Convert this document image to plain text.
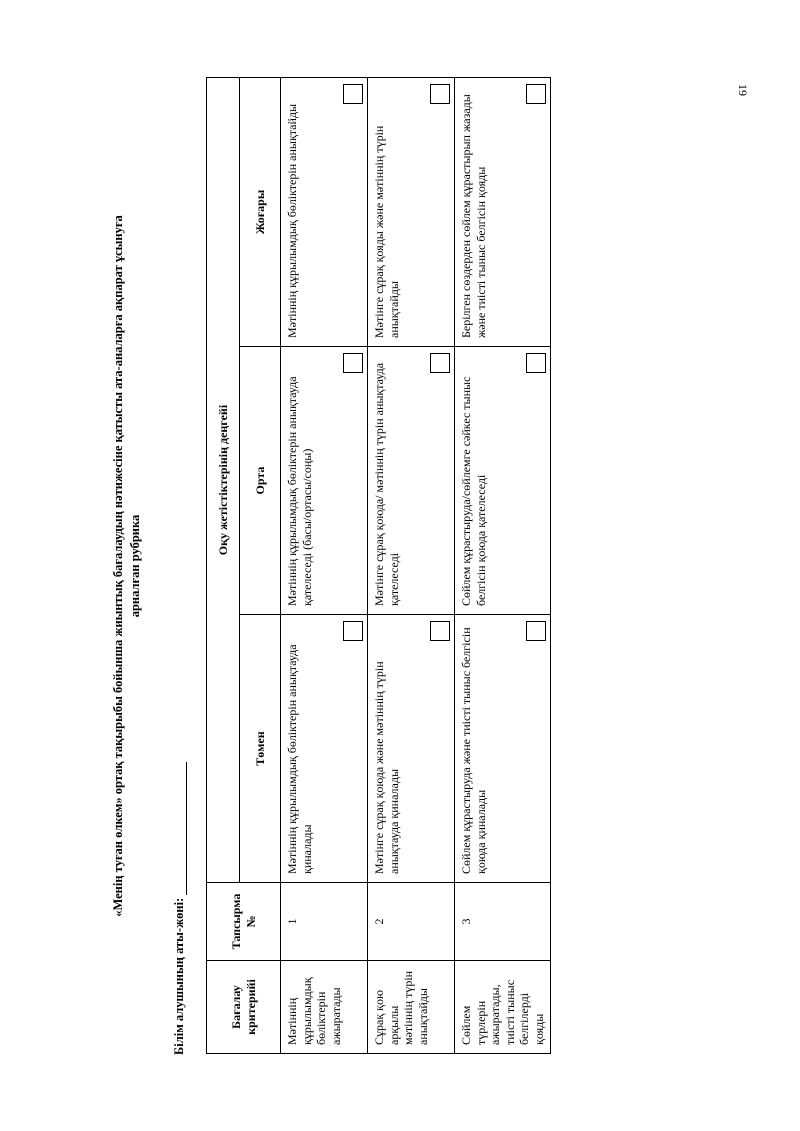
19
«Менің туған өлкем» ортақ тақырыбы бойынша жиынтық бағалаудың нәтижесіне қатысты ата-аналарға ақпарат ұсынуға арналған рубрика
Білім алушының аты-жөні:	Бағалау критерийі	Тапсырма №	Оқу жетістіктерінің деңгейі		
		Төмен	Орта	Жоғары

Мәтіннің құрылымдық бөліктерін ажыратады	1	Мәтіннің құрылымдық бөліктерін анықтауда қиналады	Мәтіннің құрылымдық бөліктерін анықтауда қателеседі (басы/ортасы/соңы)	Мәтіннің құрылымдық бөліктерін анықтайды

Сұрақ қою арқылы мәтіннің түрін анықтайды	2	Мәтінге сұрақ қоюда және мәтіннің түрін анықтауда қиналады	Мәтінге сұрақ қоюда/ мәтіннің түрін анықтауда қателеседі	Мәтінге сұрақ қояды және мәтіннің түрін анықтайды

Сөйлем түрлерін ажыратады, тиісті тыныс белгілерді қояды	3	Сөйлем құрастыруда және тиісті тыныс белгісін қоюда қиналады	Сөйлем құрастыруда/сөйлемге сәйкес тыныс белгісін қоюда қателеседі	Берілген сөздерден сөйлем құрастырып жазады және тиісті тыныс белгісін қояды
